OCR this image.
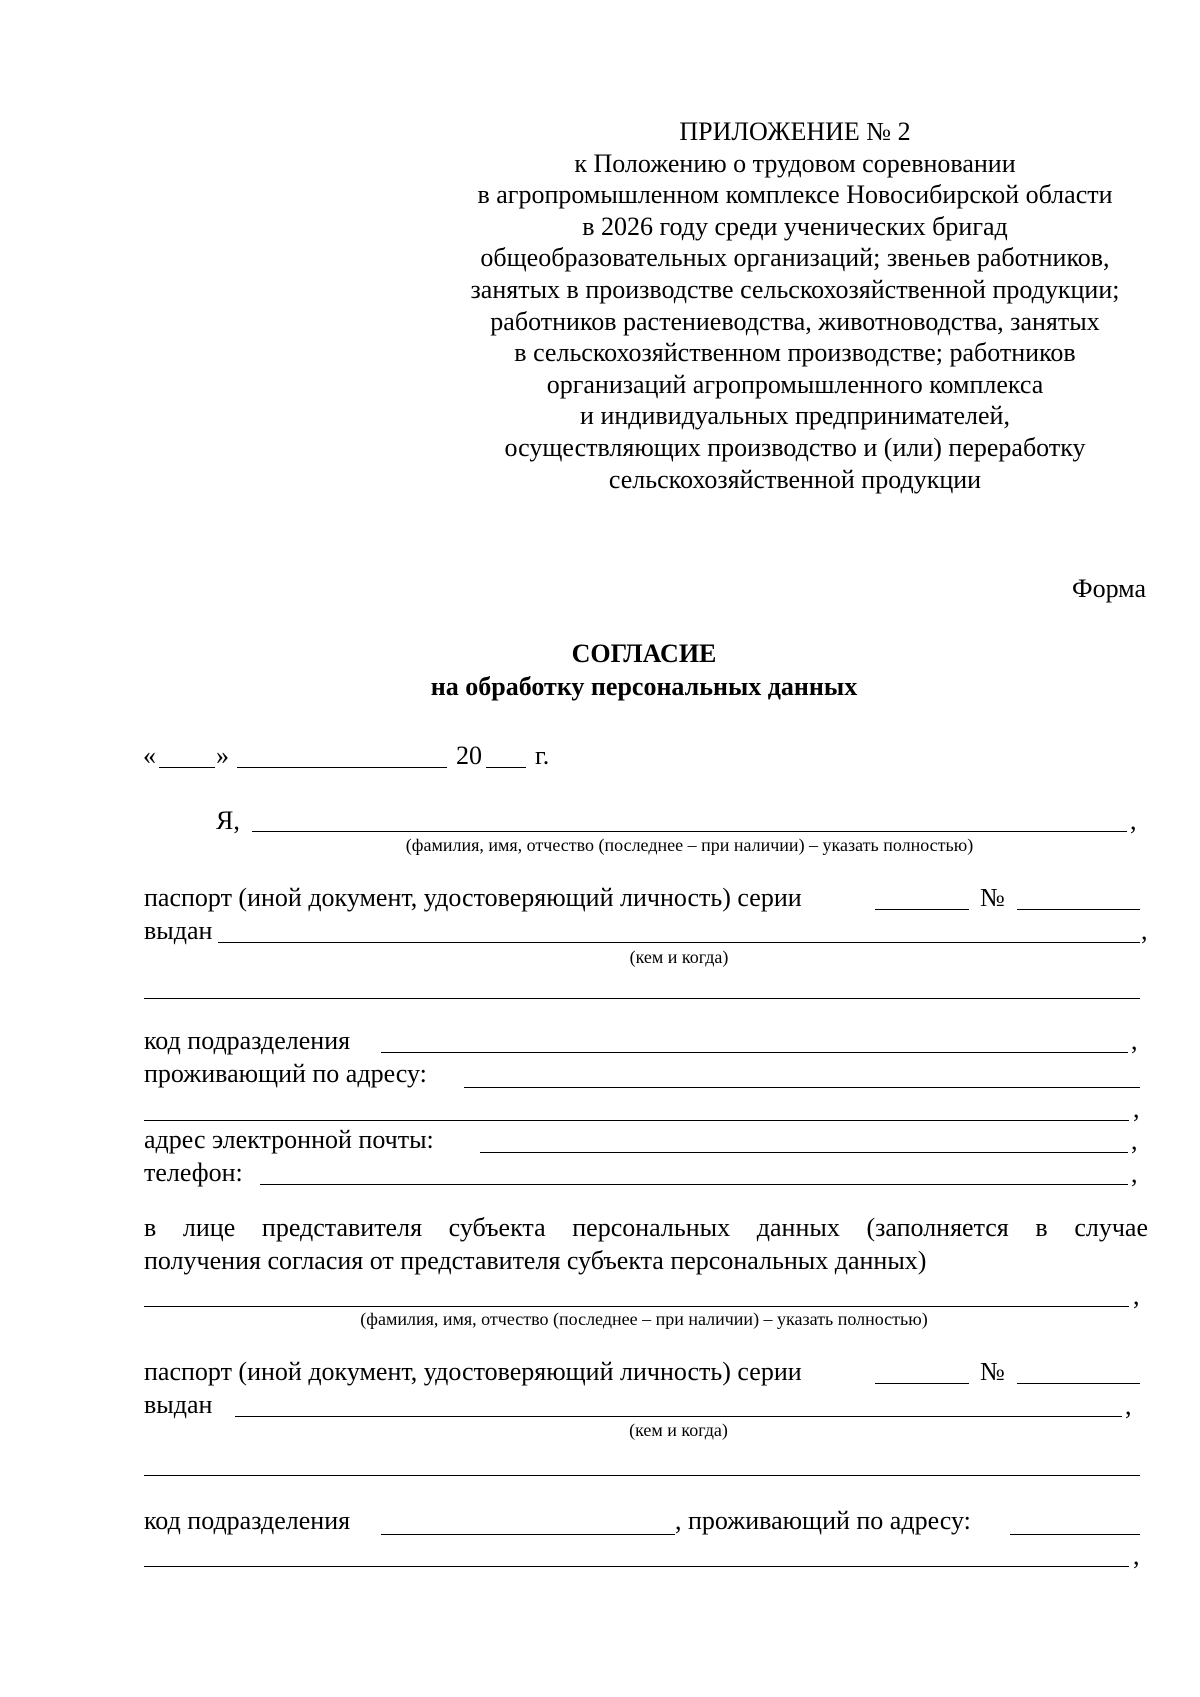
ПРИЛОЖЕНИЕ № 2
к Положению о трудовом соревновании
в агропромышленном комплексе Новосибирской области
в 2026 году среди ученических бригад
общеобразовательных организаций; звеньев работников,
занятых в производстве сельскохозяйственной продукции;
работников растениеводства, животноводства, занятых
в сельскохозяйственном производстве; работников
организаций агропромышленного комплекса
и индивидуальных предпринимателей,
осуществляющих производство и (или) переработку
сельскохозяйственной продукции
Форма
СОГЛАСИЕ
на обработку персональных данных
« »	20 г.
Я,	,
(фамилия, имя, отчество (последнее – при наличии) – указать полностью)
паспорт (иной документ, удостоверяющий личность) серии	№
выдан	,
(кем и когда)
код подразделения	,
проживающий по адресу:
,
адрес электронной почты:	,
телефон:	,
в лице представителя субъекта персональных данных (заполняется в случае
получения согласия от представителя субъекта персональных данных)
,
(фамилия, имя, отчество (последнее – при наличии) – указать полностью)
паспорт (иной документ, удостоверяющий личность) серии	№
выдан	,
(кем и когда)
код подразделения	, проживающий по адресу:
,
